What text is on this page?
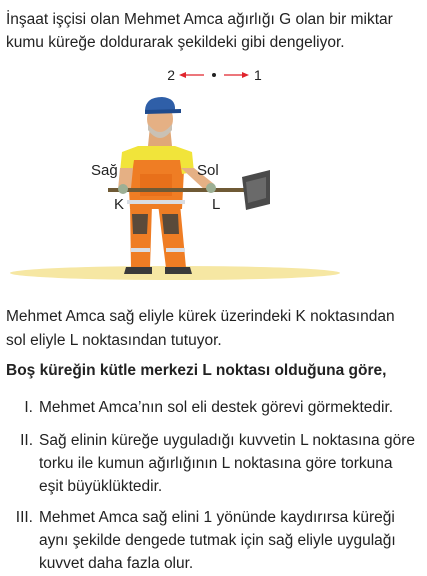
İnşaat işçisi olan Mehmet Amca ağırlığı G olan bir miktar kumu küreğe doldurarak şekildeki gibi dengeliyor.

2	1
Sağ	Sol
K	L

Mehmet Amca sağ eliyle kürek üzerindeki K noktasından sol eliyle L noktasından tutuyor.

Boş küreğin kütle merkezi L noktası olduğuna göre,

I. Mehmet Amca’nın sol eli destek görevi görmektedir.
II. Sağ elinin küreğe uyguladığı kuvvetin L noktasına göre torku ile kumun ağırlığının L noktasına göre torkuna eşit büyüklüktedir.
III. Mehmet Amca sağ elini 1 yönünde kaydırırsa küreği aynı şekilde dengede tutmak için sağ eliyle uygulağı kuvvet daha fazla olur.
